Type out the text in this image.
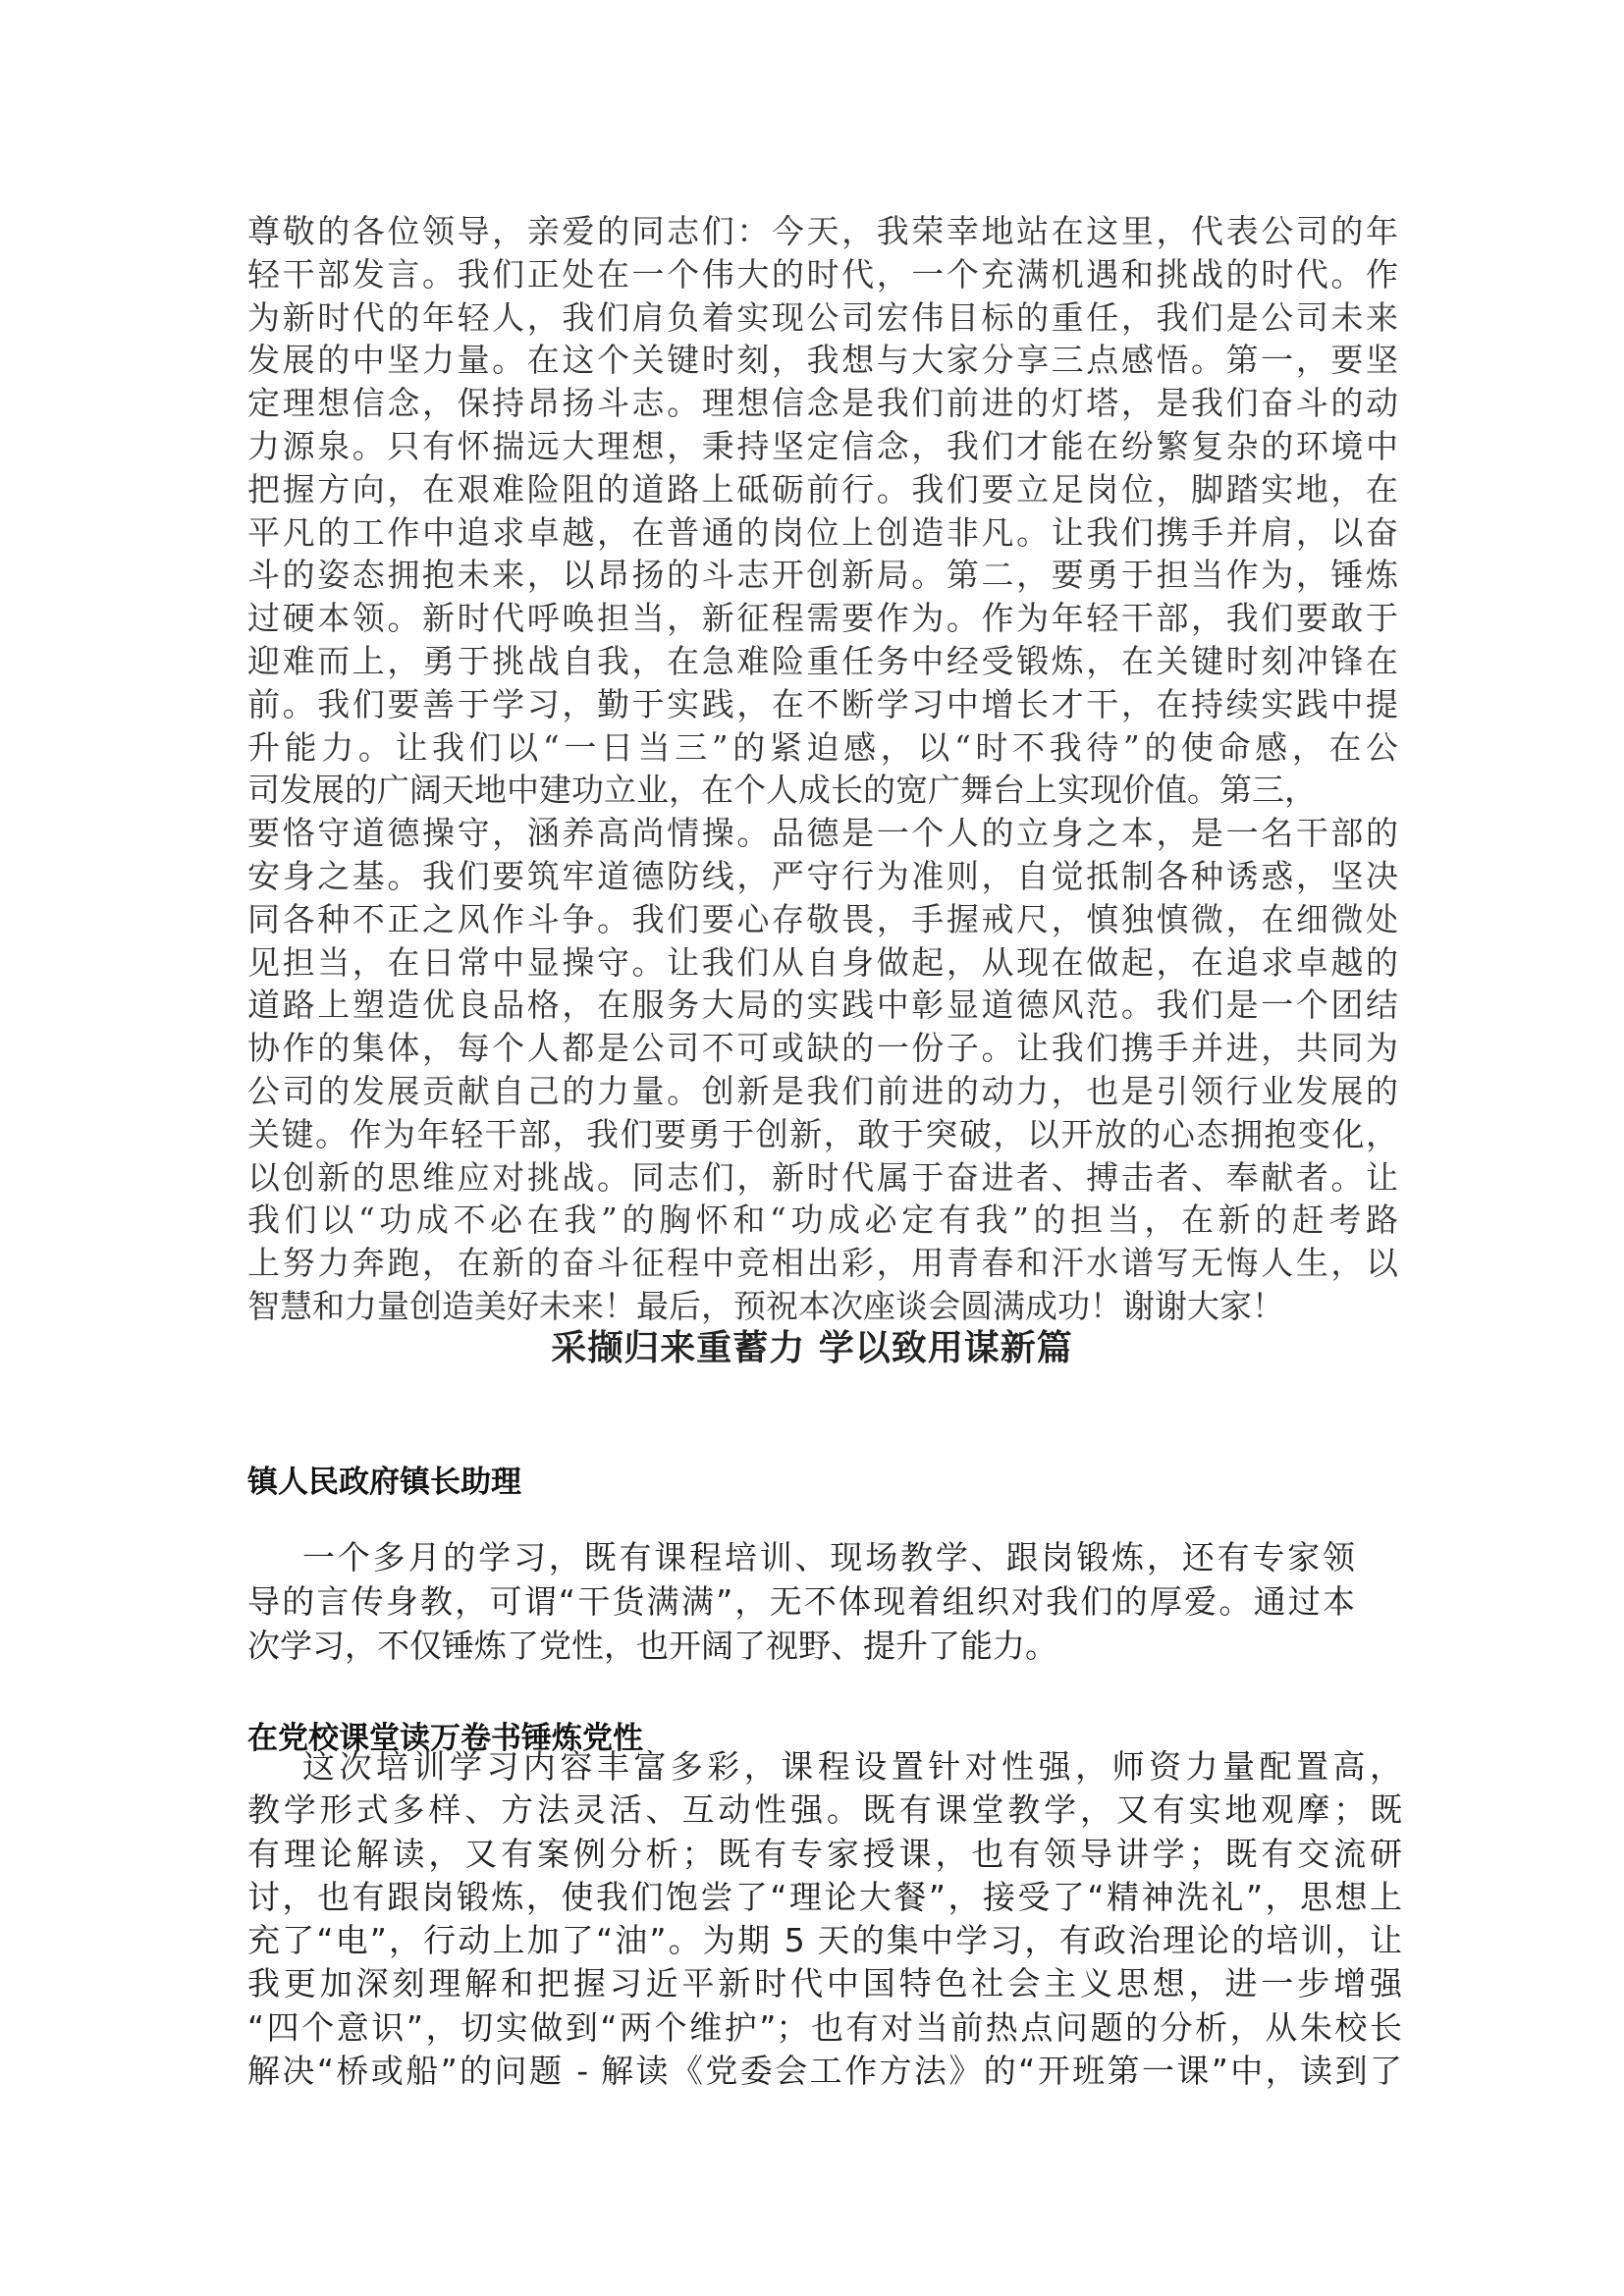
尊敬的各位领导，亲爱的同志们：今天，我荣幸地站在这里，代表公司的年
轻干部发言。我们正处在一个伟大的时代，一个充满机遇和挑战的时代。作
为新时代的年轻人，我们肩负着实现公司宏伟目标的重任，我们是公司未来
发展的中坚力量。在这个关键时刻，我想与大家分享三点感悟。第一，要坚
定理想信念，保持昂扬斗志。理想信念是我们前进的灯塔，是我们奋斗的动
力源泉。只有怀揣远大理想，秉持坚定信念，我们才能在纷繁复杂的环境中
把握方向，在艰难险阻的道路上砥砺前行。我们要立足岗位，脚踏实地，在
平凡的工作中追求卓越，在普通的岗位上创造非凡。让我们携手并肩，以奋
斗的姿态拥抱未来，以昂扬的斗志开创新局。第二，要勇于担当作为，锤炼
过硬本领。新时代呼唤担当，新征程需要作为。作为年轻干部，我们要敢于
迎难而上，勇于挑战自我，在急难险重任务中经受锻炼，在关键时刻冲锋在
前。我们要善于学习，勤于实践，在不断学习中增长才干，在持续实践中提
升能力。让我们以“一日当三”的紧迫感，以“时不我待”的使命感，在公
司发展的广阔天地中建功立业，在个人成长的宽广舞台上实现价值。第三，
要恪守道德操守，涵养高尚情操。品德是一个人的立身之本，是一名干部的
安身之基。我们要筑牢道德防线，严守行为准则，自觉抵制各种诱惑，坚决
同各种不正之风作斗争。我们要心存敬畏，手握戒尺，慎独慎微，在细微处
见担当，在日常中显操守。让我们从自身做起，从现在做起，在追求卓越的
道路上塑造优良品格，在服务大局的实践中彰显道德风范。我们是一个团结
协作的集体，每个人都是公司不可或缺的一份子。让我们携手并进，共同为
公司的发展贡献自己的力量。创新是我们前进的动力，也是引领行业发展的
关键。作为年轻干部，我们要勇于创新，敢于突破，以开放的心态拥抱变化，
以创新的思维应对挑战。同志们，新时代属于奋进者、搏击者、奉献者。让
我们以“功成不必在我”的胸怀和“功成必定有我”的担当，在新的赶考路
上努力奔跑，在新的奋斗征程中竞相出彩，用青春和汗水谱写无悔人生，以
智慧和力量创造美好未来！最后，预祝本次座谈会圆满成功！谢谢大家！
采撷归来重蓄力 学以致用谋新篇
镇人民政府镇长助理
一个多月的学习，既有课程培训、现场教学、跟岗锻炼，还有专家领
导的言传身教，可谓“干货满满”，无不体现着组织对我们的厚爱。通过本
次学习，不仅锤炼了党性，也开阔了视野、提升了能力。
在党校课堂读万卷书锤炼党性
这次培训学习内容丰富多彩，课程设置针对性强，师资力量配置高，
教学形式多样、方法灵活、互动性强。既有课堂教学，又有实地观摩；既
有理论解读，又有案例分析；既有专家授课，也有领导讲学；既有交流研
讨，也有跟岗锻炼，使我们饱尝了“理论大餐”，接受了“精神洗礼”，思想上
充了“电”，行动上加了“油”。为期 5 天的集中学习，有政治理论的培训，让
我更加深刻理解和把握习近平新时代中国特色社会主义思想，进一步增强
“四个意识”，切实做到“两个维护”；也有对当前热点问题的分析，从朱校长
解决“桥或船”的问题 - 解读《党委会工作方法》的“开班第一课”中，读到了
